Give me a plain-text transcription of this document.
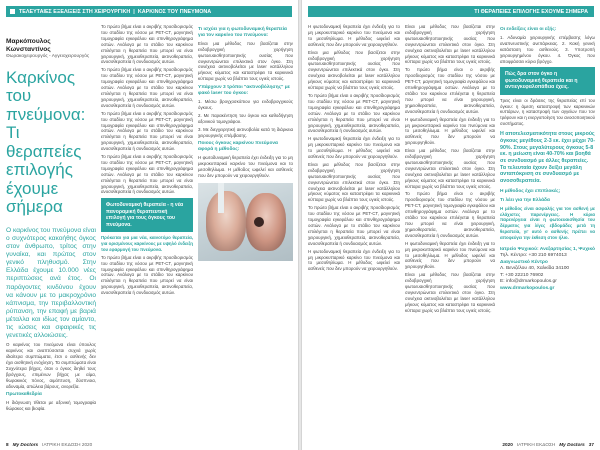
ΤΕΛΕΥΤΑΙΕΣ ΕΞΕΛΙΞΕΙΣ ΣΤΗ ΧΕΙΡΟΥΡΓΙΚΗ | ΚΑΡΚΙΝΟΣ ΤΟΥ ΠΝΕΥΜΟΝΑ
Μαρκόπουλος Κωνσταντίνος
Θωρακοχειρουργός - Αγγειοχειρουργός
Καρκίνος
του
πνεύμονα:
Τι θεραπείες
επιλογής έχουμε
σήμερα

Ο καρκίνος του πνεύμονα είναι ο συχνότερος κακοήθης όγκος στον άνθρωπο, τρίτος στην γυναίκα, και πρώτος στον γενικό πληθυσμό. Στην Ελλάδα έχουμε 10.000 νέες περιπτώσεις ανά έτος. Οι παράγοντες κινδύνου έχουν να κάνουν με το μακροχρόνιο κάπνισμα, την περιβαλλοντική ρύπανση, την επαφή με βαριά μέταλλα και ιδίως τον αμίαντο, τις ιώσεις και σφαιρικές τις γενετικές αλλοιώσεις.

Ο καρκίνος του πνεύμονα είναι ύπουλος καρκίνος και αναπτύσσεται συχνά χωρίς ιδιαίτερα συμπτώματα, έτσι ο ασθενής δεν έχει αισθητική ενόχληση. Τα συμπτώματα είναι Συχνότερα βήχας, όταν ο όγκος διηθεί τους βρόγχους, επιμένων βήχας με αίμα, θωρακικός πόνος, αιμόπτυση, δύσπνοια, αδυναμία, απώλεια βάρους, ανορεξία.

Πρωτοκαθεδρία

Η διάγνωση τίθεται με αξονική τομογραφία θώρακος και βιοψία.

Το πρώτο βήμα είναι ο ακριβής προσδιορισμός του σταδίου της νόσου με PET-CT, μαγνητική τομογραφία εγκεφάλου και σπινθηρογράφημα οστών. Ανάλογα με το στάδιο του καρκίνου επιλέγεται η θεραπεία που μπορεί να είναι χειρουργική, χημειοθεραπεία, ακτινοθεραπεία, ανοσοθεραπεία ή συνδυασμός αυτών.

Το πρώτο βήμα είναι ο ακριβής προσδιορισμός του σταδίου της νόσου με PET-CT, μαγνητική τομογραφία εγκεφάλου και σπινθηρογράφημα οστών. Ανάλογα με το στάδιο του καρκίνου επιλέγεται η θεραπεία που μπορεί να είναι χειρουργική, χημειοθεραπεία, ακτινοθεραπεία, ανοσοθεραπεία ή συνδυασμός αυτών.

Το πρώτο βήμα είναι ο ακριβής προσδιορισμός του σταδίου της νόσου με PET-CT, μαγνητική τομογραφία εγκεφάλου και σπινθηρογράφημα οστών. Ανάλογα με το στάδιο του καρκίνου επιλέγεται η θεραπεία που μπορεί να είναι χειρουργική, χημειοθεραπεία, ακτινοθεραπεία, ανοσοθεραπεία ή συνδυασμός αυτών.

Το πρώτο βήμα είναι ο ακριβής προσδιορισμός του σταδίου της νόσου με PET-CT, μαγνητική τομογραφία εγκεφάλου και σπινθηρογράφημα οστών. Ανάλογα με το στάδιο του καρκίνου επιλέγεται η θεραπεία που μπορεί να είναι χειρουργική, χημειοθεραπεία, ακτινοθεραπεία, ανοσοθεραπεία ή συνδυασμός αυτών.

Φωτοδυναμική θεραπεία - η νέα πανοραμική θεραπευτική επιλογή για τους όγκους του πνεύμονα.

Πρόκειται για μια νέα, καινοτόμο θεραπεία, για ορισμένους καρκίνους με υψηλό ένδειξη του εφαρμογή του πνεύμονα.

Το πρώτο βήμα είναι ο ακριβής προσδιορισμός του σταδίου της νόσου με PET-CT, μαγνητική τομογραφία εγκεφάλου και σπινθηρογράφημα οστών. Ανάλογα με το στάδιο του καρκίνου επιλέγεται η θεραπεία που μπορεί να είναι χειρουργική, χημειοθεραπεία, ακτινοθεραπεία, ανοσοθεραπεία ή συνδυασμός αυτών.

Τι ισχύει για η φωτοδυναμική θεραπεία για τον καρκίνο του πνεύμονα:

Είναι μια μέθοδος που βασίζεται στην ενδοβρογχική χορήγηση φωτοευαισθητοποιητικής ουσίας που συγκεντρώνεται επιλεκτικά στον όγκο. Στη συνέχεια ακτινοβολείται με laser κατάλληλου μήκους κύματος και καταστρέφει τα καρκινικά κύτταρα χωρίς να βλάπτει τους υγιείς ιστούς.

Υπάρχουν 3 τρόποι "ακτινοβόλησης" με φακό laser του όγκου:

1. Μέσω βρογχοσκόπιου για ενδοβρογχικούς όγκους.

2. Με παρακέντηση του όγκου και καθοδήγηση αξονικού τομογράφου.

3. Με διεγχειρητική ακτινοβολία κατά τη διάρκεια χειρουργικής επέμβασης.

Ποιους όγκους καρκίνου πνεύμονα αφορά η μέθοδος:

Η φωτοδυναμική θεραπεία έχει ένδειξη για το μη μικροκυτταρικό καρκίνο του πνεύμονα και το μεσοθηλίωμα. Η μέθοδος ωφελεί και ασθενείς που δεν μπορούν να χειρουργηθούν.

8 My Doctors ΙΑΤΡΙΚΗ ΕΚΔΟΣΗ 2020
ΤΙ ΘΕΡΑΠΕΙΕΣ ΕΠΙΛΟΓΗΣ ΕΧΟΥΜΕ ΣΗΜΕΡΑ

Η φωτοδυναμική θεραπεία έχει ένδειξη για το μη μικροκυτταρικό καρκίνο του πνεύμονα και το μεσοθηλίωμα. Η μέθοδος ωφελεί και ασθενείς που δεν μπορούν να χειρουργηθούν.

Είναι μια μέθοδος που βασίζεται στην ενδοβρογχική χορήγηση φωτοευαισθητοποιητικής ουσίας που συγκεντρώνεται επιλεκτικά στον όγκο. Στη συνέχεια ακτινοβολείται με laser κατάλληλου μήκους κύματος και καταστρέφει τα καρκινικά κύτταρα χωρίς να βλάπτει τους υγιείς ιστούς.

Το πρώτο βήμα είναι ο ακριβής προσδιορισμός του σταδίου της νόσου με PET-CT, μαγνητική τομογραφία εγκεφάλου και σπινθηρογράφημα οστών. Ανάλογα με το στάδιο του καρκίνου επιλέγεται η θεραπεία που μπορεί να είναι χειρουργική, χημειοθεραπεία, ακτινοθεραπεία, ανοσοθεραπεία ή συνδυασμός αυτών.

Η φωτοδυναμική θεραπεία έχει ένδειξη για το μη μικροκυτταρικό καρκίνο του πνεύμονα και το μεσοθηλίωμα. Η μέθοδος ωφελεί και ασθενείς που δεν μπορούν να χειρουργηθούν.

Είναι μια μέθοδος που βασίζεται στην ενδοβρογχική χορήγηση φωτοευαισθητοποιητικής ουσίας που συγκεντρώνεται επιλεκτικά στον όγκο. Στη συνέχεια ακτινοβολείται με laser κατάλληλου μήκους κύματος και καταστρέφει τα καρκινικά κύτταρα χωρίς να βλάπτει τους υγιείς ιστούς.

Το πρώτο βήμα είναι ο ακριβής προσδιορισμός του σταδίου της νόσου με PET-CT, μαγνητική τομογραφία εγκεφάλου και σπινθηρογράφημα οστών. Ανάλογα με το στάδιο του καρκίνου επιλέγεται η θεραπεία που μπορεί να είναι χειρουργική, χημειοθεραπεία, ακτινοθεραπεία, ανοσοθεραπεία ή συνδυασμός αυτών.

Η φωτοδυναμική θεραπεία έχει ένδειξη για το μη μικροκυτταρικό καρκίνο του πνεύμονα και το μεσοθηλίωμα. Η μέθοδος ωφελεί και ασθενείς που δεν μπορούν να χειρουργηθούν.

Είναι μια μέθοδος που βασίζεται στην ενδοβρογχική χορήγηση φωτοευαισθητοποιητικής ουσίας που συγκεντρώνεται επιλεκτικά στον όγκο. Στη συνέχεια ακτινοβολείται με laser κατάλληλου μήκους κύματος και καταστρέφει τα καρκινικά κύτταρα χωρίς να βλάπτει τους υγιείς ιστούς.

Το πρώτο βήμα είναι ο ακριβής προσδιορισμός του σταδίου της νόσου με PET-CT, μαγνητική τομογραφία εγκεφάλου και σπινθηρογράφημα οστών. Ανάλογα με το στάδιο του καρκίνου επιλέγεται η θεραπεία που μπορεί να είναι χειρουργική, χημειοθεραπεία, ακτινοθεραπεία, ανοσοθεραπεία ή συνδυασμός αυτών.

Η φωτοδυναμική θεραπεία έχει ένδειξη για το μη μικροκυτταρικό καρκίνο του πνεύμονα και το μεσοθηλίωμα. Η μέθοδος ωφελεί και ασθενείς που δεν μπορούν να χειρουργηθούν.

Είναι μια μέθοδος που βασίζεται στην ενδοβρογχική χορήγηση φωτοευαισθητοποιητικής ουσίας που συγκεντρώνεται επιλεκτικά στον όγκο. Στη συνέχεια ακτινοβολείται με laser κατάλληλου μήκους κύματος και καταστρέφει τα καρκινικά κύτταρα χωρίς να βλάπτει τους υγιείς ιστούς.

Το πρώτο βήμα είναι ο ακριβής προσδιορισμός του σταδίου της νόσου με PET-CT, μαγνητική τομογραφία εγκεφάλου και σπινθηρογράφημα οστών. Ανάλογα με το στάδιο του καρκίνου επιλέγεται η θεραπεία που μπορεί να είναι χειρουργική, χημειοθεραπεία, ακτινοθεραπεία, ανοσοθεραπεία ή συνδυασμός αυτών.

Η φωτοδυναμική θεραπεία έχει ένδειξη για το μη μικροκυτταρικό καρκίνο του πνεύμονα και το μεσοθηλίωμα. Η μέθοδος ωφελεί και ασθενείς που δεν μπορούν να χειρουργηθούν.

Είναι μια μέθοδος που βασίζεται στην ενδοβρογχική χορήγηση φωτοευαισθητοποιητικής ουσίας που συγκεντρώνεται επιλεκτικά στον όγκο. Στη συνέχεια ακτινοβολείται με laser κατάλληλου μήκους κύματος και καταστρέφει τα καρκινικά κύτταρα χωρίς να βλάπτει τους υγιείς ιστούς.

Οι ενδείξεις είναι οι εξής:

1. Αδυναμία χειρουργικής επέμβασης λόγω αναπνευστικής ανεπάρκειας. 2. Κακή γενική κατάσταση του ασθενούς. 3. Υποτροπή χειρουργημένου όγκου. 4. Όγκος που αποφράσσει κύριο βρόγχο.

Πώς δρα στον όγκο η φωτοδυναμική θεραπεία και η αντιεγκεφαλοπάθεια έχεις.

Τρεις είναι οι δράσεις της θεραπείας επί του όγκου: η άμεση καταστροφή των καρκινικών κυττάρων, η καταστροφή των αγγείων που τον τρέφουν και η ενεργοποίηση του ανοσοποιητικού συστήματος.

Η αποτελεσματικότητα στους μικρούς όγκους μεγέθους 2-3 εκ. έχει μέχρι 70-90%. Στους μεγαλύτερους όγκους 5-8 εκ. η μείωση είναι 40-70% και βοηθά σε συνδυασμό με άλλες θεραπείες. Τα τελευταία έχουν δείξει μεγάλη ανταπόκριση σε συνδυασμό με ανοσοθεραπεία.
Η μέθοδος έχει επιπλοκές;
Τι λέει για την Ελλάδα

Η μέθοδος είναι ασφαλής για τον ασθενή με ελάχιστες παρενέργειες. Η κύρια παρενέργεια είναι η φωτοευαισθησία του δέρματος για λίγες εβδομάδες μετά τη θεραπεία, γι' αυτό ο ασθενής πρέπει να αποφεύγει την έκθεση στον ήλιο.

Ιατρείο Ψυχικού: Ανεξαρτησίας 1, Ψυχικό
Τηλ. Κέντρο: +30 210 6974013
Διαγνωστικό Κέντρο
Λ. Βενιζέλου 40, Χαλκίδα 34100
Τ: +30 22210 76902
E: info@drmarkopoulos.gr
www.drmarkopoulos.gr
2020 ΙΑΤΡΙΚΗ ΕΚΔΟΣΗ My Doctors 37
